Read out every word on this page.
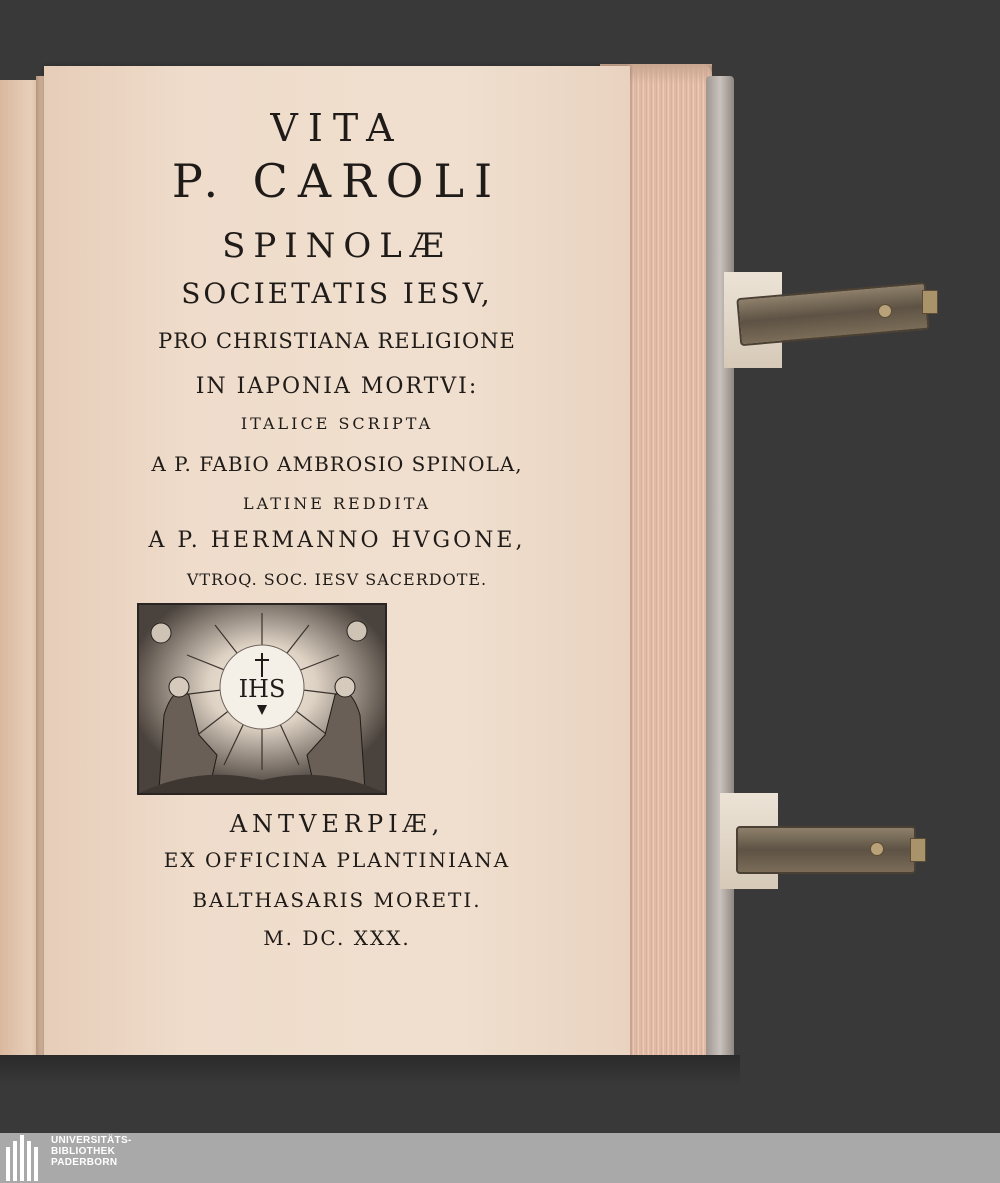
VITA
P. CAROLI
SPINOLÆ
SOCIETATIS IESV,
PRO CHRISTIANA RELIGIONE
IN IAPONIA MORTVI:
ITALICE SCRIPTA
A P. FABIO AMBROSIO SPINOLA,
LATINE REDDITA
A P. HERMANNO HVGONE,
VTROQ. SOC. IESV SACERDOTE.
ANTVERPIÆ,
EX OFFICINA PLANTINIANA
BALTHASARIS MORETI.
M. DC. XXX.
IHS
UNIVERSITÄTS-
BIBLIOTHEK
PADERBORN
